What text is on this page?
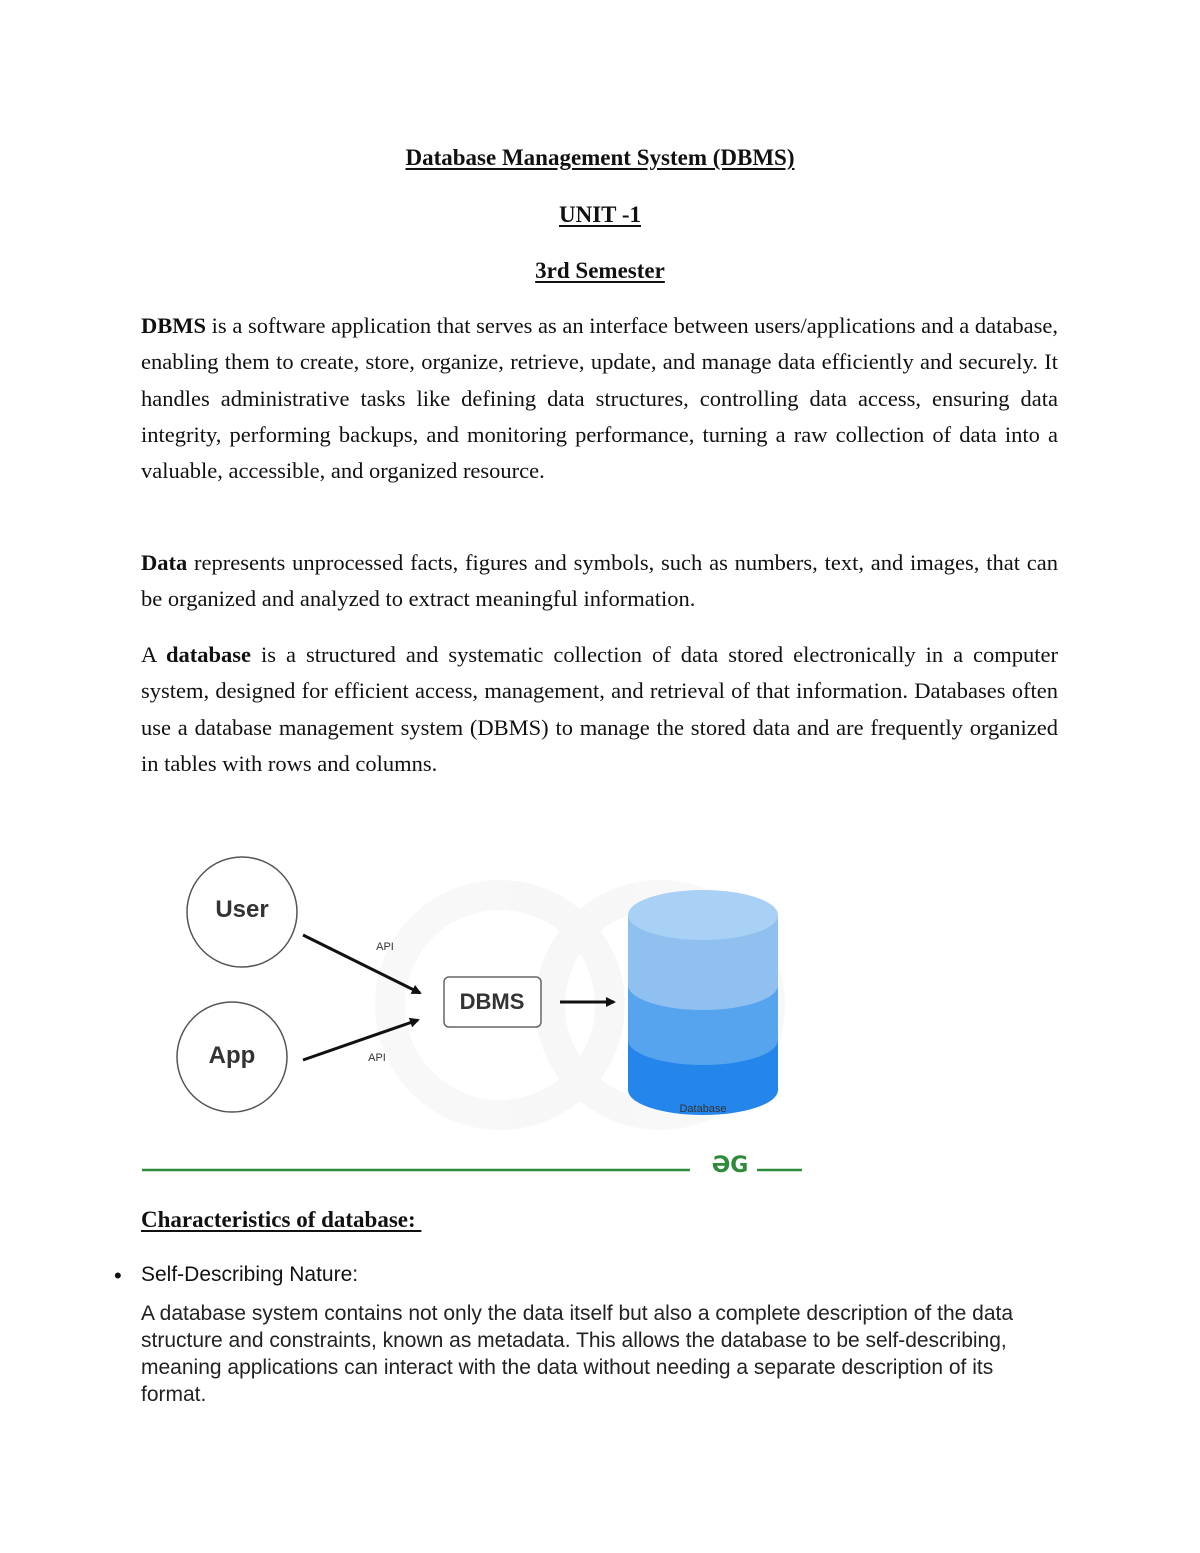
Database Management System (DBMS)
UNIT -1
3rd Semester

DBMS is a software application that serves as an interface between users/applications and a database, enabling them to create, store, organize, retrieve, update, and manage data efficiently and securely. It handles administrative tasks like defining data structures, controlling data access, ensuring data integrity, performing backups, and monitoring performance, turning a raw collection of data into a valuable, accessible, and organized resource.

Data represents unprocessed facts, figures and symbols, such as numbers, text, and images, that can be organized and analyzed to extract meaningful information.

A database is a structured and systematic collection of data stored electronically in a computer system, designed for efficient access, management, and retrieval of that information. Databases often use a database management system (DBMS) to manage the stored data and are frequently organized in tables with rows and columns.

User
App
API
API
DBMS
Database
ƏG
Characteristics of database:
• Self-Describing Nature:

A database system contains not only the data itself but also a complete description of the data structure and constraints, known as metadata. This allows the database to be self-describing, meaning applications can interact with the data without needing a separate description of its format.
